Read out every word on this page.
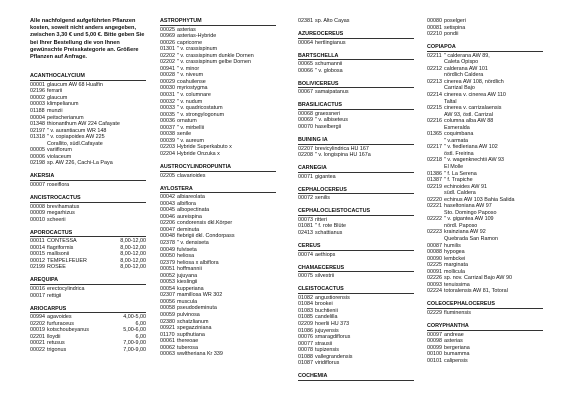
Alle nachfolgend aufgeführten Pflanzen kosten, soweit nicht anders angegeben, zwischen 3,30 € und 5,00 €. Bitte geben Sie bei Ihrer Bestellung die von Ihnen gewünschte Preisskategorie an. Größere Pflanzen auf Anfrage.
ACANTHOCALYCIUM
00001 glaucum AW 68 Hualfin
02196 ferrarii
00002 glaucum
00003 klimpelianum
01188 munzii
00004 peitscherianum
01348 thionanthum AW 224 Cafayate
02197 " v. aurantiacum WR 148
01318 " v. copiapoides AW 225
Corallito, südl.Cafayate
00005 variiflorum
00006 violaceum
02198 sp. AW 226, Cachi-La Paya
AKERSIA
00007 roseiflora
ANCISTROCACTUS
00008 brevihamatus
00009 megarhizus
00010 scheerii
APOROCACTUS
00011 CONTESSA	8,00-12,00
00014 flagriformis	8,00-12,00
00015 mallisonii	8,00-12,00
00012 TEMPELFEUER	8,00-12,00
02199 ROSEE	8,00-12,00
AREQUIPA
00016 erectocylindrica
00017 rettigii
ARIOCARPUS
00994 agavoides	4,00-5,00
02202 furfuraceus	6,00
00019 kotschoubeyanus	5,00-6,00
02201 lloydii	6,00
00021 retusus	7,00-9,00
00022 trigonus	7,00-9,00
ASTROPHYTUM
00025 asterias
00969 asterias-Hybride
00026 capricorne
01301 " v. crassispinum
02202 " v. crassispinum dunkle Dornen
02202 " v. crassispinum gelbe Dornen
00941 " v. minor
00028 " v. niveum
00029 coahuilense
00030 myriostygma
00031 " v. columnare
00032 " v. nudum
00033 " v. quadricostatum
00035 " v. strongylogonum
00036 ornatum
00037 " v. mirbellii
00038 senile
00039 " v. aureum
02203 Hybride Superkabuto x
02204 Hybride Onzuka x
AUSTROCYLINDROPUNTIA
02205 clavarioides
AYLOSTERA
00042 albiareolata
00043 albiflora
00045 albopectinata
00046 aureispina
02206 condorensis dkl.Körper
00047 deminuta
00048 fiebrigii dkl. Condorpass
02378 " v. densiseta
00049 fulviseta
00050 heliosa
02379 heliosa x albiflora
00051 hoffmannii
00052 jujuyana
00053 kieslingii
00054 kupperiana
02307 mamillosa WR 302
00056 muscula
00058 pseudodeminuta
00059 pulvinosa
02380 schatzlianum
00921 spegazziniana
01170 supthutiana
00061 thereoae
00062 tuberosa
00063 wwltheriana Kr 339
02381 sp. Alto Cayas
AZUREOCEREUS
00064 hertlingianus
BARTSCHELLA
00065 schumannii
00066 " v. globosa
BOLIVICEREUS
00067 samaipatanus
BRASILICACTUS
00068 graessneri
00069 " v. albiseteus
00070 haselbergii
BUINING IA
02207 brevicylindrica HU 167
02208 " v. longispina HU 167a
CARNEGIA
00071 gigantea
CEPHALOCEREUS
00072 senilis
CEPHALOCLEISTOCACTUS
00073 ritteri
01081 " f. rote Blüte
02413 schattianus
CEREUS
00074 aethiops
CHAMAECEREUS
00075 silvestrii
CLEISTOCACTUS
01082 angustiorensis
01084 brookei
01083 buchtienii
01085 candelilla
02209 hoerlii HU 373
01086 jujuyensis
00076 smaragdiflorus
00077 strausii
00078 tupizensis
01088 vallegrandensis
01087 viridiflorus
COCHEMIA
00080 poselgeri
00081 setispina
02210 pondii
COPIAPOA
02211 " calderana AW 89,
Caleta Opispo
02212 calderana AW 101
nördlich Caldera
02213 cinerea AW 108, nördlich
Carrizal Bajo
02214 cinerea v. cinerea AW 110
Taltal
02215 cinerea v. carrizalaensis
AW 93, östl. Carrizal
02216 columna alba AW 88
Esmeralda
01365 coquimbana
" v.armata
02217 " v. fiedleriana AW 102
östl. Freirina
02218 " v. wagenknechtii AW 93
El Molle
01386 " f. La Serena
01387 " f. Trapiche
02219 echinoides AW 91
südl. Caldera
02220 echinus AW 103 Bahia Salida
02221 haseltoniana AW 97
Sto. Domingo Paposo
02222 " v. gigantea AW 109
nördl. Paposo
02223 krainziana AW 92
Quebrada San Ramon
00087 humilis
00088 hypogea
00090 lembckei
02225 marginata
00091 mollicula
02226 sp. nov. Carrizal Bajo AW 90
00093 tenuissima
02224 totoralensis AW 81, Totoral
COLEOCEPHALOCEREUS
02229 fluminensis
CORYPHANTHA
00097 andreae
00098 asterias
00099 bergeriana
00100 bumamma
00101 calipensis
